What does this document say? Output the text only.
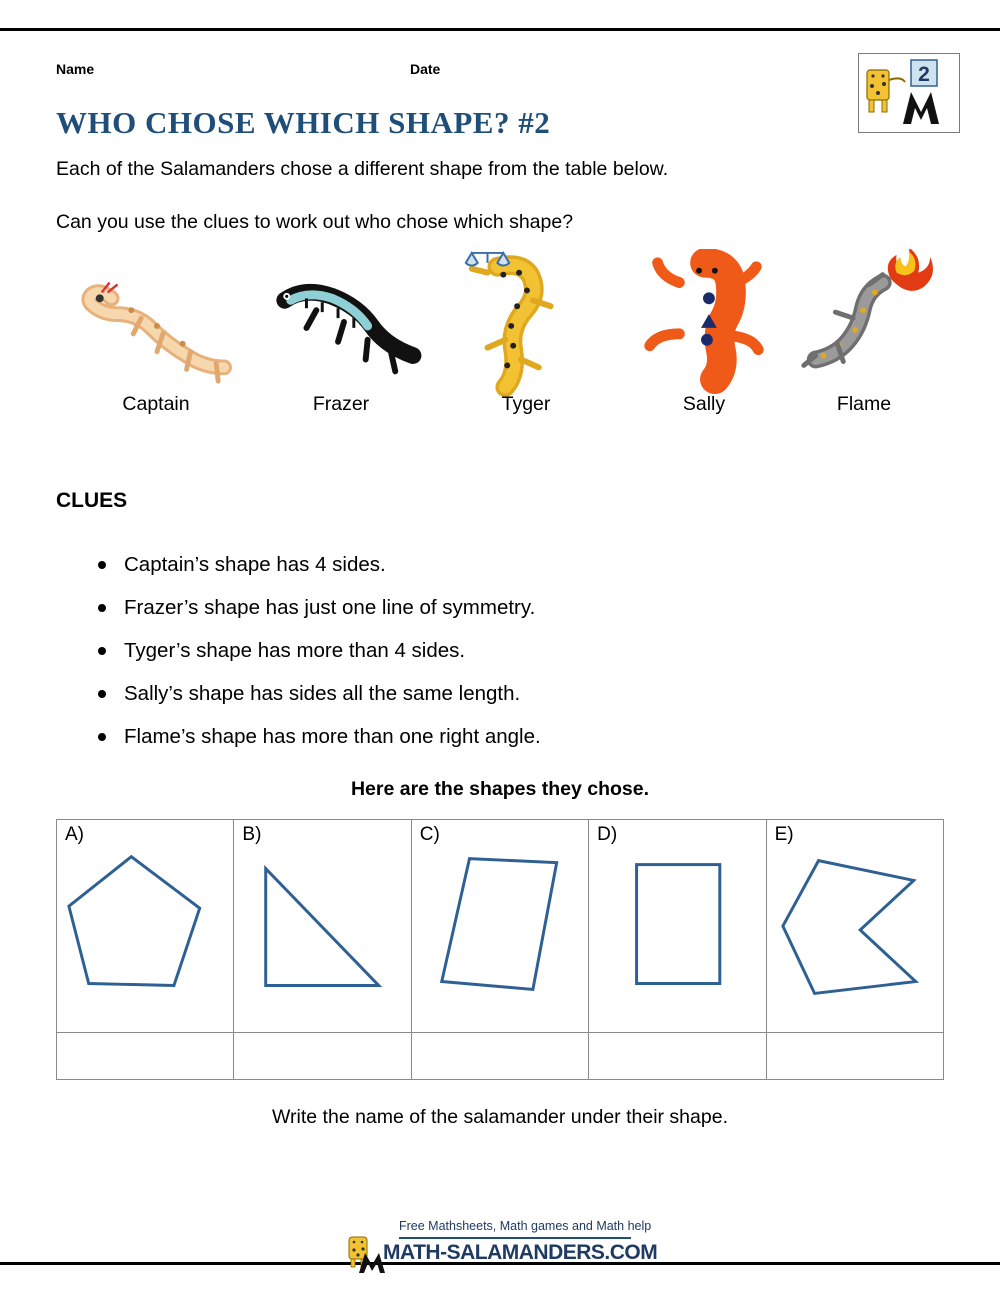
Name	Date	2
WHO CHOSE WHICH SHAPE? #2
Each of the Salamanders chose a different shape from the table below.
Can you use the clues to work out who chose which shape?
Captain	Frazer	Tyger	Sally	Flame
CLUES
Captain’s shape has 4 sides.
Frazer’s shape has just one line of symmetry.
Tyger’s shape has more than 4 sides.
Sally’s shape has sides all the same length.
Flame’s shape has more than one right angle.
Here are the shapes they chose.
A)	B)	C)	D)	E)

Write the name of the salamander under their shape.
Free Mathsheets, Math games and Math help
MATH-SALAMANDERS.COM
